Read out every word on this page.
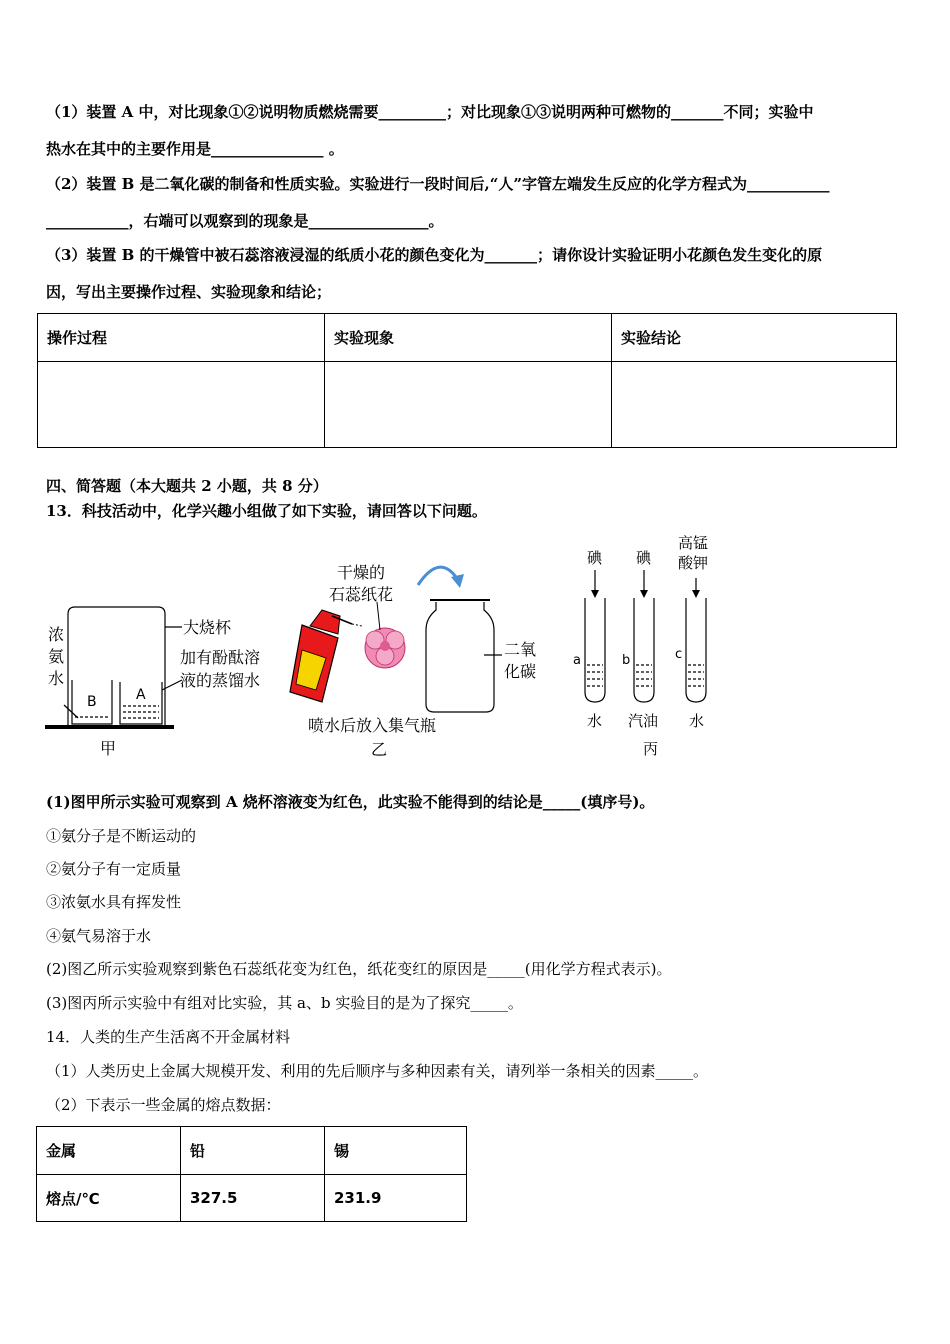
（1）装置 A 中，对比现象①②说明物质燃烧需要_________；对比现象①③说明两种可燃物的_______不同；实验中
热水在其中的主要作用是_______________ 。
（2）装置 B 是二氧化碳的制备和性质实验。实验进行一段时间后,“人”字管左端发生反应的化学方程式为___________
___________，右端可以观察到的现象是________________。
（3）装置 B 的干燥管中被石蕊溶液浸湿的纸质小花的颜色变化为_______；请你设计实验证明小花颜色发生变化的原
因，写出主要操作过程、实验现象和结论；
操作过程	实验现象	实验结论

四、简答题（本大题共 2 小题，共 8 分）
13．科技活动中，化学兴趣小组做了如下实验，请回答以下问题。
浓
氨
水
大烧杯
加有酚酞溶
液的蒸馏水
B	A
甲
干燥的
石蕊纸花
二氧
化碳
喷水后放入集气瓶
乙
碘 碘
高锰
酸钾
a	b	c
水 汽油 水
丙
(1)图甲所示实验可观察到 A 烧杯溶液变为红色，此实验不能得到的结论是_____(填序号)。
①氨分子是不断运动的
②氨分子有一定质量
③浓氨水具有挥发性
④氨气易溶于水
(2)图乙所示实验观察到紫色石蕊纸花变为红色，纸花变红的原因是_____(用化学方程式表示)。
(3)图丙所示实验中有组对比实验，其 a、b 实验目的是为了探究_____。
14．人类的生产生活离不开金属材料
（1）人类历史上金属大规模开发、利用的先后顺序与多种因素有关，请列举一条相关的因素_____。
（2）下表示一些金属的熔点数据：
金属	铅	锡
熔点/℃	327.5	231.9
